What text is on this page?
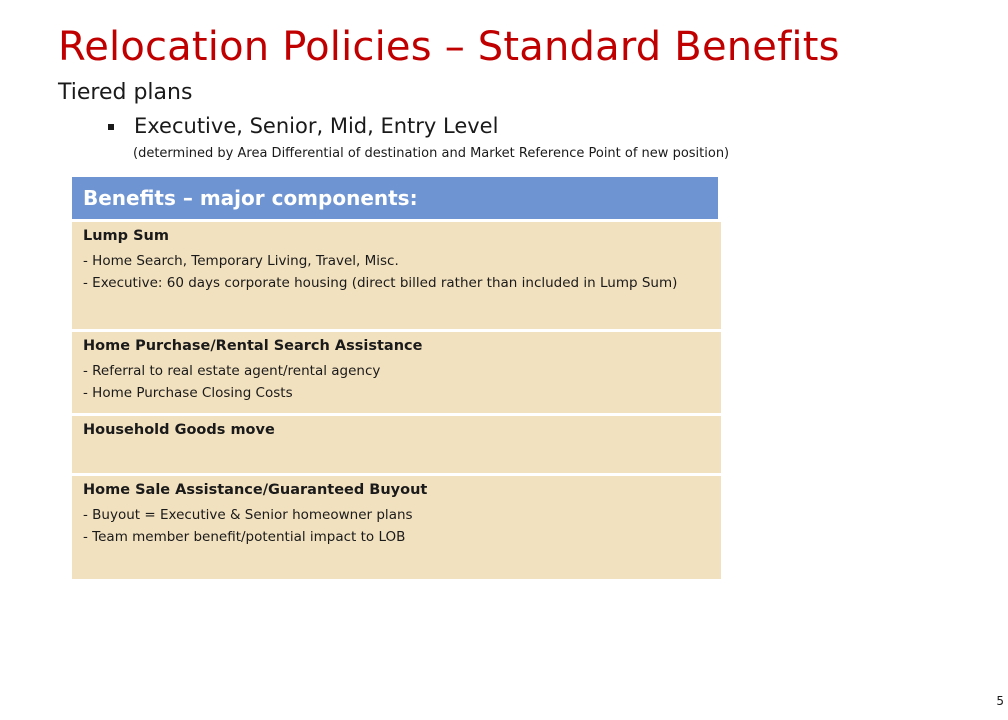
Relocation Policies – Standard Benefits
Tiered plans
Executive, Senior, Mid, Entry Level
(determined by Area Differential of destination and Market Reference Point of new position)
Benefits – major components:
Lump Sum
- Home Search, Temporary Living, Travel, Misc.
- Executive: 60 days corporate housing (direct billed rather than included in Lump Sum)
Home Purchase/Rental Search Assistance
- Referral to real estate agent/rental agency
- Home Purchase Closing Costs
Household Goods move
Home Sale Assistance/Guaranteed Buyout
- Buyout = Executive & Senior homeowner plans
- Team member benefit/potential impact to LOB
5
